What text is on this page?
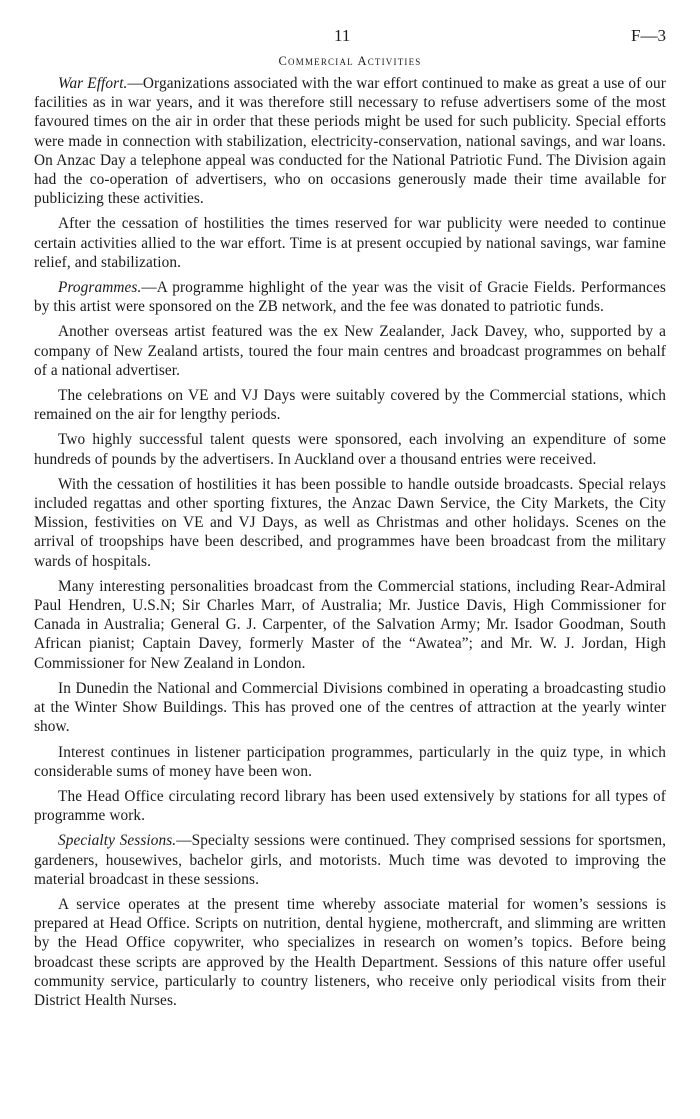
11	F—3
Commercial Activities

War Effort.—Organizations associated with the war effort continued to make as great a use of our facilities as in war years, and it was therefore still necessary to refuse advertisers some of the most favoured times on the air in order that these periods might be used for such publicity. Special efforts were made in connection with stabilization, electricity-conservation, national savings, and war loans. On Anzac Day a telephone appeal was conducted for the National Patriotic Fund. The Division again had the co-operation of advertisers, who on occasions generously made their time available for publicizing these activities.

After the cessation of hostilities the times reserved for war publicity were needed to continue certain activities allied to the war effort. Time is at present occupied by national savings, war famine relief, and stabilization.

Programmes.—A programme highlight of the year was the visit of Gracie Fields. Performances by this artist were sponsored on the ZB network, and the fee was donated to patriotic funds.

Another overseas artist featured was the ex New Zealander, Jack Davey, who, supported by a company of New Zealand artists, toured the four main centres and broadcast programmes on behalf of a national advertiser.

The celebrations on VE and VJ Days were suitably covered by the Commercial stations, which remained on the air for lengthy periods.

Two highly successful talent quests were sponsored, each involving an expenditure of some hundreds of pounds by the advertisers. In Auckland over a thousand entries were received.

With the cessation of hostilities it has been possible to handle outside broadcasts. Special relays included regattas and other sporting fixtures, the Anzac Dawn Service, the City Markets, the City Mission, festivities on VE and VJ Days, as well as Christmas and other holidays. Scenes on the arrival of troopships have been described, and programmes have been broadcast from the military wards of hospitals.

Many interesting personalities broadcast from the Commercial stations, including Rear-Admiral Paul Hendren, U.S.N; Sir Charles Marr, of Australia; Mr. Justice Davis, High Commissioner for Canada in Australia; General G. J. Carpenter, of the Salvation Army; Mr. Isador Goodman, South African pianist; Captain Davey, formerly Master of the “Awatea”; and Mr. W. J. Jordan, High Commissioner for New Zealand in London.

In Dunedin the National and Commercial Divisions combined in operating a broadcasting studio at the Winter Show Buildings. This has proved one of the centres of attraction at the yearly winter show.

Interest continues in listener participation programmes, particularly in the quiz type, in which considerable sums of money have been won.

The Head Office circulating record library has been used extensively by stations for all types of programme work.

Specialty Sessions.—Specialty sessions were continued. They comprised sessions for sportsmen, gardeners, housewives, bachelor girls, and motorists. Much time was devoted to improving the material broadcast in these sessions.

A service operates at the present time whereby associate material for women’s sessions is prepared at Head Office. Scripts on nutrition, dental hygiene, mothercraft, and slimming are written by the Head Office copywriter, who specializes in research on women’s topics. Before being broadcast these scripts are approved by the Health Department. Sessions of this nature offer useful community service, particularly to country listeners, who receive only periodical visits from their District Health Nurses.
